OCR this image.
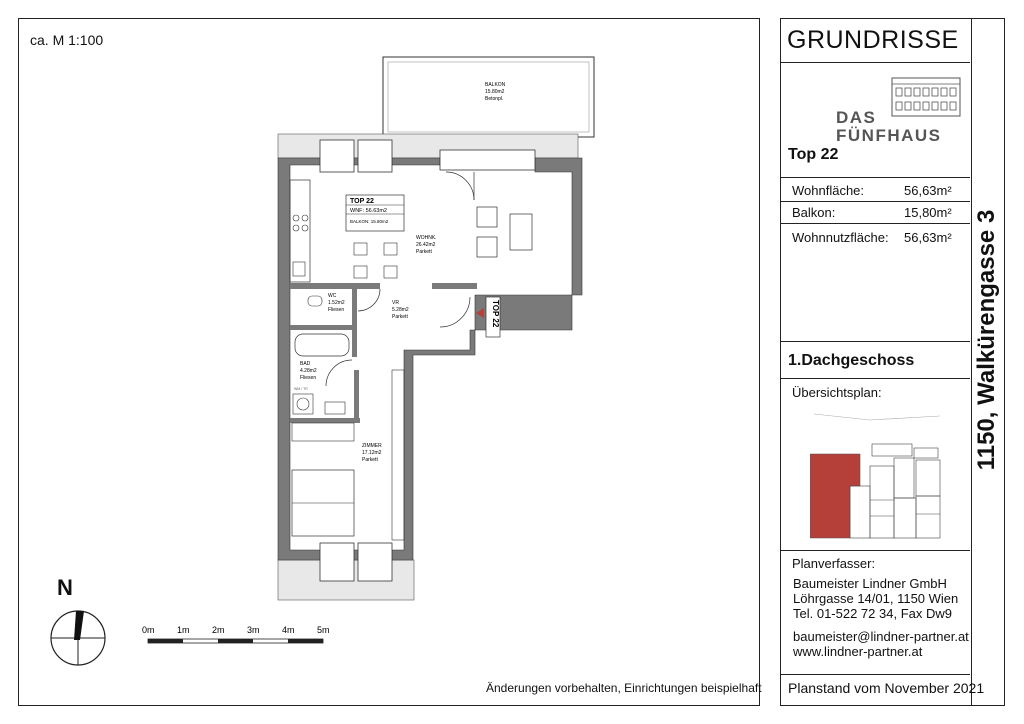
ca. M 1:100
BALKON
15.80m2
Betonpl.
TOP 22
WNF: 56.63m2
BALKON: 15.80m2
WOHNK.
26.42m2
Parkett
WC
1.52m2
Fliesen
VR
5.28m2
Parkett
BAD
4.28m2
Fliesen
WM / TR
ZIMMER
17.12m2
Parkett
TOP 22
N
0m 1m 2m 3m 4m 5m
Änderungen vorbehalten, Einrichtungen beispielhaft
GRUNDRISSE
DAS
FÜNFHAUS
Top 22
Wohnfläche:	56,63m²
Balkon:	15,80m²
Wohnnutzfläche: 56,63m²
1.Dachgeschoss
Übersichtsplan:
Planverfasser:
Baumeister Lindner GmbH
Löhrgasse 14/01, 1150 Wien
Tel. 01-522 72 34, Fax Dw9
baumeister@lindner-partner.at
www.lindner-partner.at
Planstand vom November 2021
1150, Walkürengasse 3
